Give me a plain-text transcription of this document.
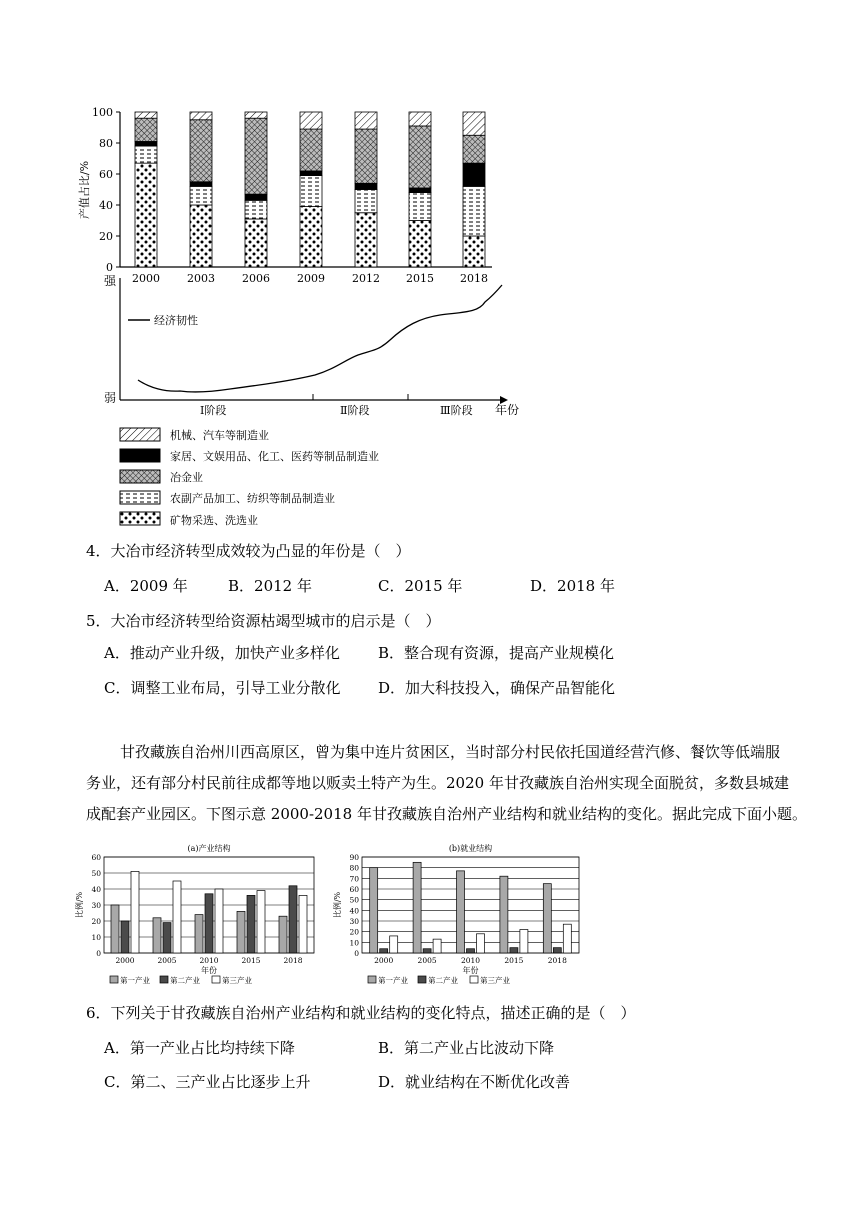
产值占比/%
0
20
40
60
80
100
2000 2003 2006 2009 2012 2015 2018
强
弱
经济韧性
Ⅰ阶段	Ⅱ阶段	Ⅲ阶段 年份
机械、汽车等制造业
家居、文娱用品、化工、医药等制品制造业
冶金业
农副产品加工、纺织等制品制造业
矿物采选、洗选业
4．大冶市经济转型成效较为凸显的年份是（　）
A．2009 年	B．2012 年	C．2015 年	D．2018 年
5．大冶市经济转型给资源枯竭型城市的启示是（　）
A．推动产业升级，加快产业多样化	B．整合现有资源，提高产业规模化
C．调整工业布局，引导工业分散化	D．加大科技投入，确保产品智能化
甘孜藏族自治州川西高原区，曾为集中连片贫困区，当时部分村民依托国道经营汽修、餐饮等低端服
务业，还有部分村民前往成都等地以贩卖土特产为生。2020 年甘孜藏族自治州实现全面脱贫，多数县城建
成配套产业园区。下图示意 2000-2018 年甘孜藏族自治州产业结构和就业结构的变化。据此完成下面小题。
(a)产业结构
0
10
20
30
40
50
60
比例/%
2000	2005	2010	2015	2018
年份
第一产业	第二产业	第三产业
(b)就业结构
0
10
20
30
40
50
60
70
80
90
比例/%
2000	2005	2010	2015	2018
年份
第一产业	第二产业	第三产业
6．下列关于甘孜藏族自治州产业结构和就业结构的变化特点，描述正确的是（　）
A．第一产业占比均持续下降	B．第二产业占比波动下降
C．第二、三产业占比逐步上升	D．就业结构在不断优化改善
